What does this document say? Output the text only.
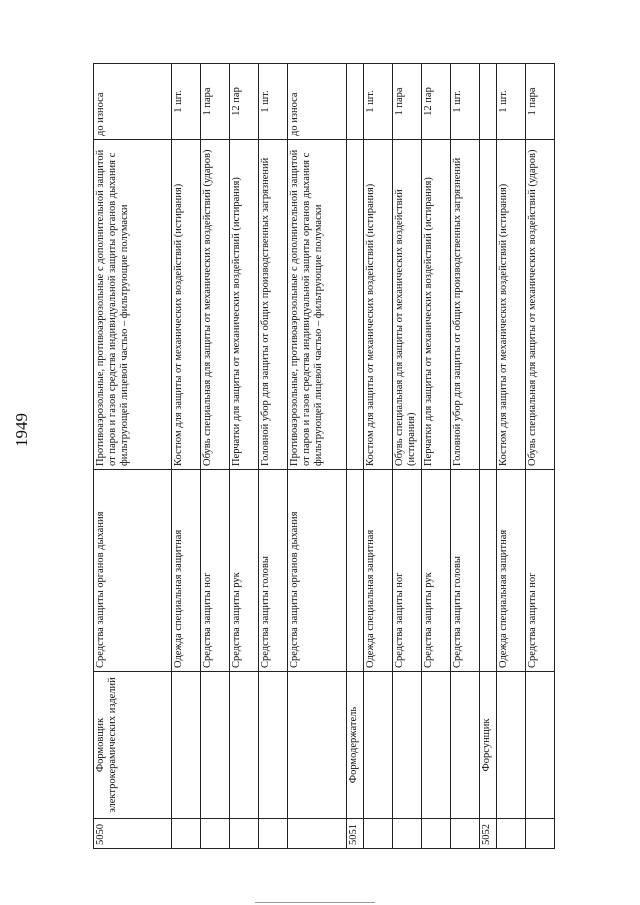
1949
5050	Формовщик электрокерамических изделий	Средства защиты органов дыхания	Противоаэрозольные, противоаэрозольные с дополнительной защитой от паров и газов средства индивидуальной защиты органов дыхания с фильтрующей лицевой частью – фильтрующие полумаски	до износа
		Одежда специальная защитная	Костюм для защиты от механических воздействий (истирания)	1 шт.
		Средства защиты ног	Обувь специальная для защиты от механических воздействий (ударов)	1 пара
		Средства защиты рук	Перчатки для защиты от механических воздействий (истирания)	12 пар
		Средства защиты головы	Головной убор для защиты от общих производственных загрязнений	1 шт.
		Средства защиты органов дыхания	Противоаэрозольные, противоаэрозольные с дополнительной защитой от паров и газов средства индивидуальной защиты органов дыхания с фильтрующей лицевой частью – фильтрующие полумаски	до износа
5051	Формодержатель			
		Одежда специальная защитная	Костюм для защиты от механических воздействий (истирания)	1 шт.
		Средства защиты ног	Обувь специальная для защиты от механических воздействий (истирания)	1 пара
		Средства защиты рук	Перчатки для защиты от механических воздействий (истирания)	12 пар
		Средства защиты головы	Головной убор для защиты от общих производственных загрязнений	1 шт.
5052	Форсунщик			
		Одежда специальная защитная	Костюм для защиты от механических воздействий (истирания)	1 шт.
		Средства защиты ног	Обувь специальная для защиты от механических воздействий (ударов)	1 пара
